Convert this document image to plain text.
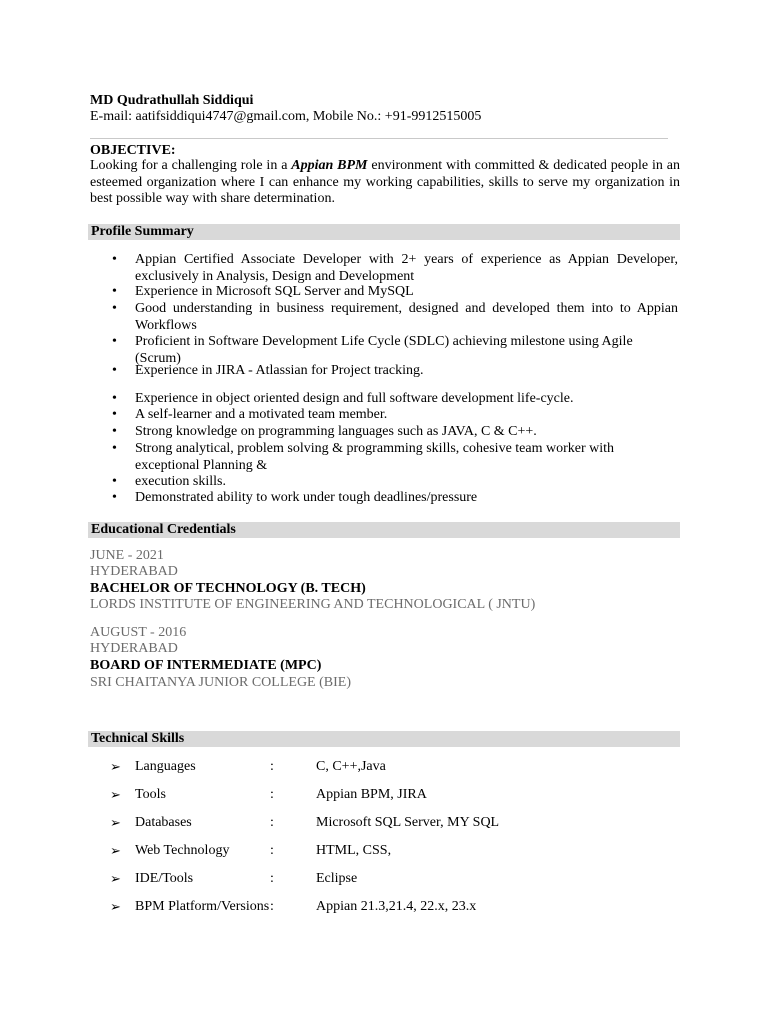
MD Qudrathullah Siddiqui
E-mail: aatifsiddiqui4747@gmail.com, Mobile No.: +91-9912515005
OBJECTIVE:
Looking for a challenging role in a Appian BPM environment with committed & dedicated people in an esteemed organization where I can enhance my working capabilities, skills to serve my organization in best possible way with share determination.
Profile Summary
• Appian Certified Associate Developer with 2+ years of experience as Appian Developer, exclusively in Analysis, Design and Development
• Experience in Microsoft SQL Server and MySQL
• Good understanding in business requirement, designed and developed them into to Appian Workflows
• Proficient in Software Development Life Cycle (SDLC) achieving milestone using Agile (Scrum)
• Experience in JIRA - Atlassian for Project tracking.
• Experience in object oriented design and full software development life-cycle.
• A self-learner and a motivated team member.
• Strong knowledge on programming languages such as JAVA, C & C++.
• Strong analytical, problem solving & programming skills, cohesive team worker with exceptional Planning &
• execution skills.
• Demonstrated ability to work under tough deadlines/pressure
Educational Credentials
JUNE - 2021
HYDERABAD
BACHELOR OF TECHNOLOGY (B. TECH)
LORDS INSTITUTE OF ENGINEERING AND TECHNOLOGICAL ( JNTU)
AUGUST - 2016
HYDERABAD
BOARD OF INTERMEDIATE (MPC)
SRI CHAITANYA JUNIOR COLLEGE (BIE)
Technical Skills
➢ Languages	:	C, C++,Java
➢ Tools	:	Appian BPM, JIRA
➢ Databases	:	Microsoft SQL Server, MY SQL
➢ Web Technology	:	HTML, CSS,
➢ IDE/Tools	:	Eclipse
➢ BPM Platform/Versions :	Appian 21.3,21.4, 22.x, 23.x
